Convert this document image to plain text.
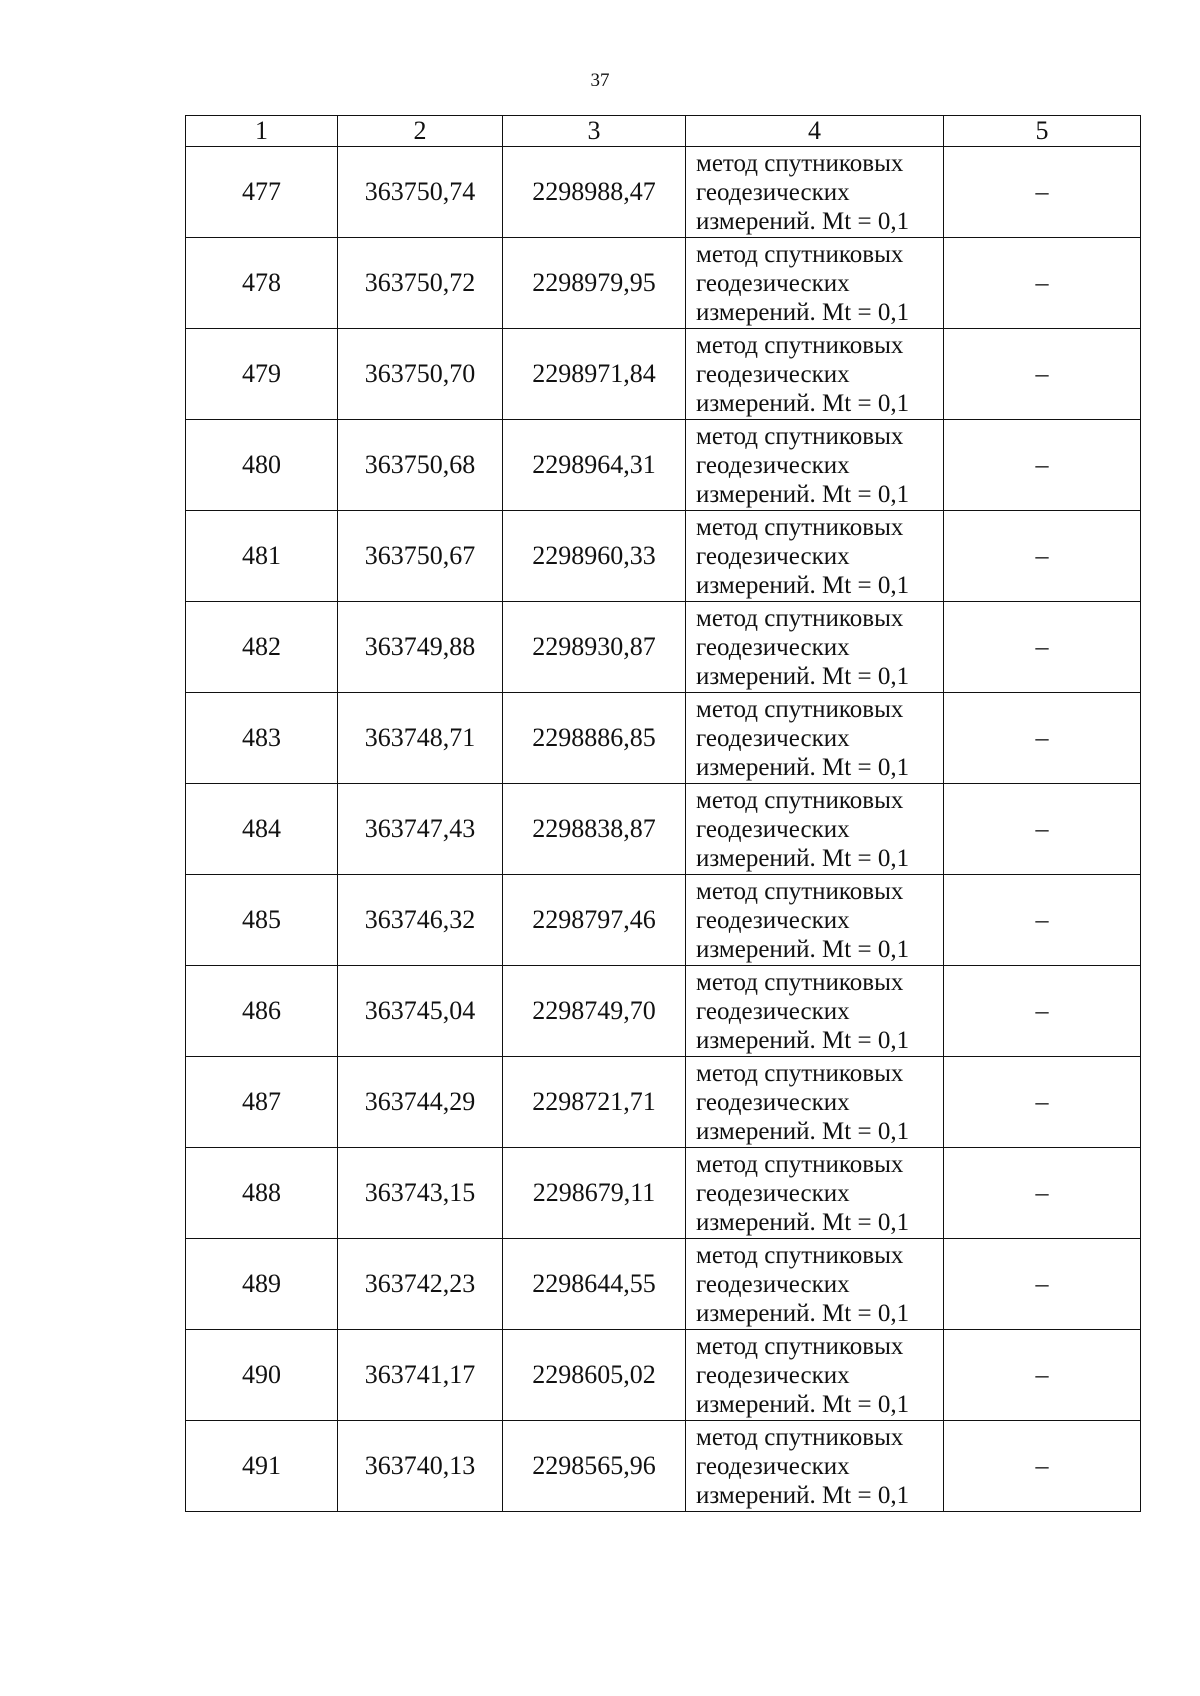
37
1	2	3	4	5
477	363750,74	2298988,47	метод спутниковых
геодезических
измерений. Mt = 0,1	–
478	363750,72	2298979,95	метод спутниковых
геодезических
измерений. Mt = 0,1	–
479	363750,70	2298971,84	метод спутниковых
геодезических
измерений. Mt = 0,1	–
480	363750,68	2298964,31	метод спутниковых
геодезических
измерений. Mt = 0,1	–
481	363750,67	2298960,33	метод спутниковых
геодезических
измерений. Mt = 0,1	–
482	363749,88	2298930,87	метод спутниковых
геодезических
измерений. Mt = 0,1	–
483	363748,71	2298886,85	метод спутниковых
геодезических
измерений. Mt = 0,1	–
484	363747,43	2298838,87	метод спутниковых
геодезических
измерений. Mt = 0,1	–
485	363746,32	2298797,46	метод спутниковых
геодезических
измерений. Mt = 0,1	–
486	363745,04	2298749,70	метод спутниковых
геодезических
измерений. Mt = 0,1	–
487	363744,29	2298721,71	метод спутниковых
геодезических
измерений. Mt = 0,1	–
488	363743,15	2298679,11	метод спутниковых
геодезических
измерений. Mt = 0,1	–
489	363742,23	2298644,55	метод спутниковых
геодезических
измерений. Mt = 0,1	–
490	363741,17	2298605,02	метод спутниковых
геодезических
измерений. Mt = 0,1	–
491	363740,13	2298565,96	метод спутниковых
геодезических
измерений. Mt = 0,1	–
